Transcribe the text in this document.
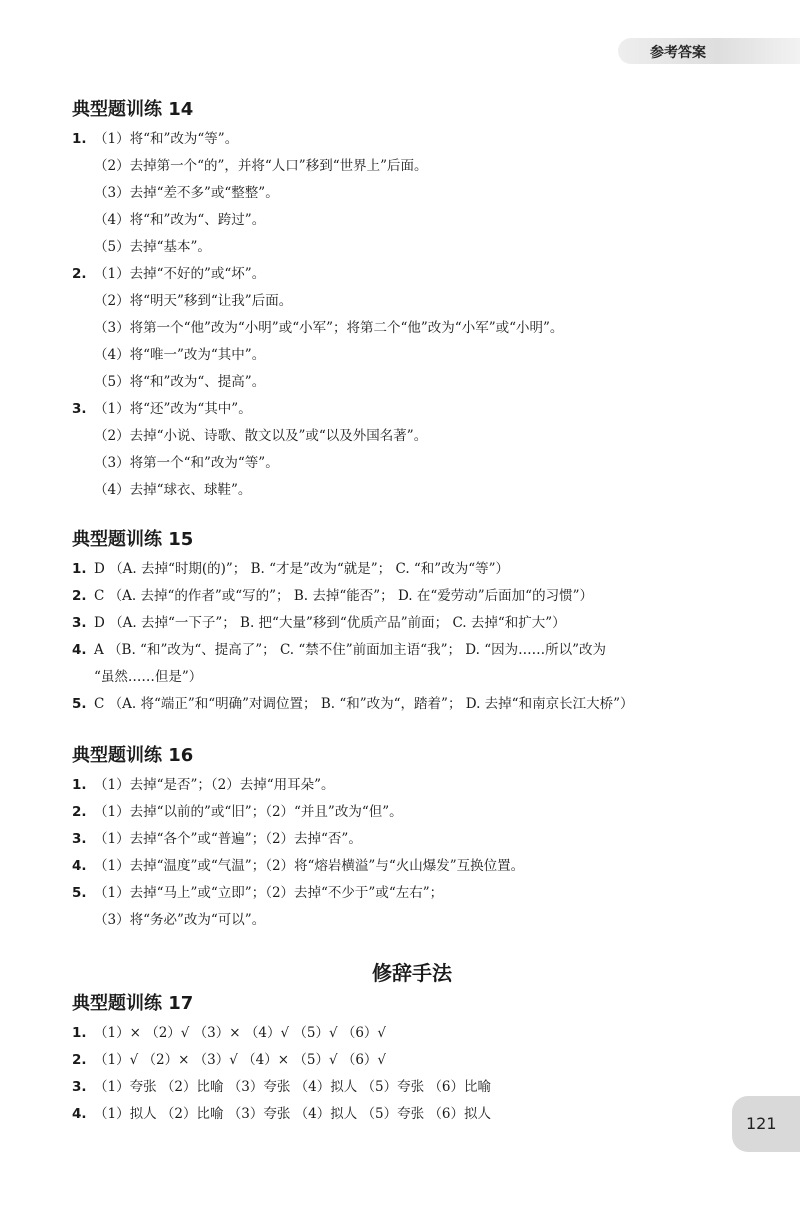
参考答案
典型题训练 14
1. （1）将“和”改为“等”。
（2）去掉第一个“的”，并将“人口”移到“世界上”后面。
（3）去掉“差不多”或“整整”。
（4）将“和”改为“、跨过”。
（5）去掉“基本”。
2. （1）去掉“不好的”或“坏”。
（2）将“明天”移到“让我”后面。
（3）将第一个“他”改为“小明”或“小军”；将第二个“他”改为“小军”或“小明”。
（4）将“唯一”改为“其中”。
（5）将“和”改为“、提高”。
3. （1）将“还”改为“其中”。
（2）去掉“小说、诗歌、散文以及”或“以及外国名著”。
（3）将第一个“和”改为“等”。
（4）去掉“球衣、球鞋”。
典型题训练 15
1. D （A. 去掉“时期(的)”； B. “才是”改为“就是”； C. “和”改为“等”）
2. C （A. 去掉“的作者”或“写的”； B. 去掉“能否”； D. 在“爱劳动”后面加“的习惯”）
3. D （A. 去掉“一下子”； B. 把“大量”移到“优质产品”前面； C. 去掉“和扩大”）
4. A （B. “和”改为“、提高了”； C. “禁不住”前面加主语“我”； D. “因为……所以”改为
“虽然……但是”）
5. C （A. 将“端正”和“明确”对调位置； B. “和”改为“，踏着”； D. 去掉“和南京长江大桥”）
典型题训练 16
1. （1）去掉“是否”；（2）去掉“用耳朵”。
2. （1）去掉“以前的”或“旧”；（2）“并且”改为“但”。
3. （1）去掉“各个”或“普遍”；（2）去掉“否”。
4. （1）去掉“温度”或“气温”；（2）将“熔岩横溢”与“火山爆发”互换位置。
5. （1）去掉“马上”或“立即”；（2）去掉“不少于”或“左右”；
（3）将“务必”改为“可以”。
修辞手法
典型题训练 17
1. （1）× （2）√ （3）× （4）√ （5）√ （6）√
2. （1）√ （2）× （3）√ （4）× （5）√ （6）√
3. （1）夸张 （2）比喻 （3）夸张 （4）拟人 （5）夸张 （6）比喻
4. （1）拟人 （2）比喻 （3）夸张 （4）拟人 （5）夸张 （6）拟人	121
